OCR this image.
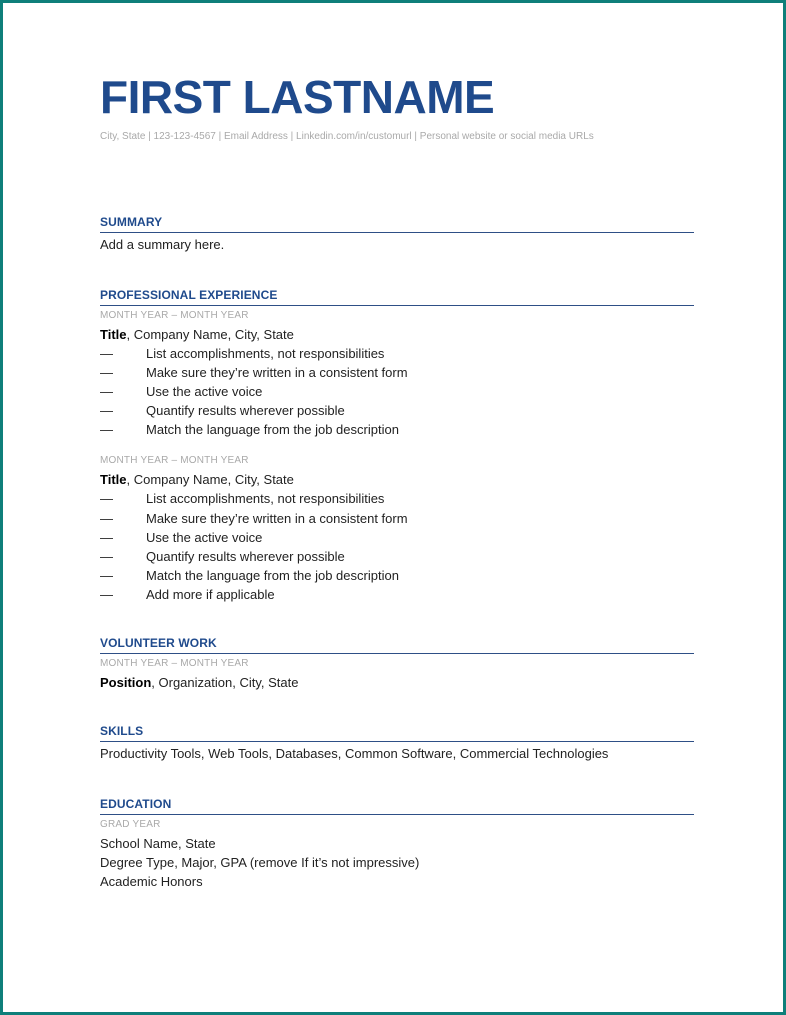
FIRST LASTNAME
City, State | 123-123-4567 | Email Address | Linkedin.com/in/customurl | Personal website or social media URLs
SUMMARY
Add a summary here.
PROFESSIONAL EXPERIENCE
MONTH YEAR – MONTH YEAR
Title, Company Name, City, State
—	List accomplishments, not responsibilities
—	Make sure they’re written in a consistent form
—	Use the active voice
—	Quantify results wherever possible
—	Match the language from the job description
MONTH YEAR – MONTH YEAR
Title, Company Name, City, State
—	List accomplishments, not responsibilities
—	Make sure they’re written in a consistent form
—	Use the active voice
—	Quantify results wherever possible
—	Match the language from the job description
—	Add more if applicable
VOLUNTEER WORK
MONTH YEAR – MONTH YEAR
Position, Organization, City, State
SKILLS
Productivity Tools, Web Tools, Databases, Common Software, Commercial Technologies
EDUCATION
GRAD YEAR
School Name, State
Degree Type, Major, GPA (remove If it’s not impressive)
Academic Honors
